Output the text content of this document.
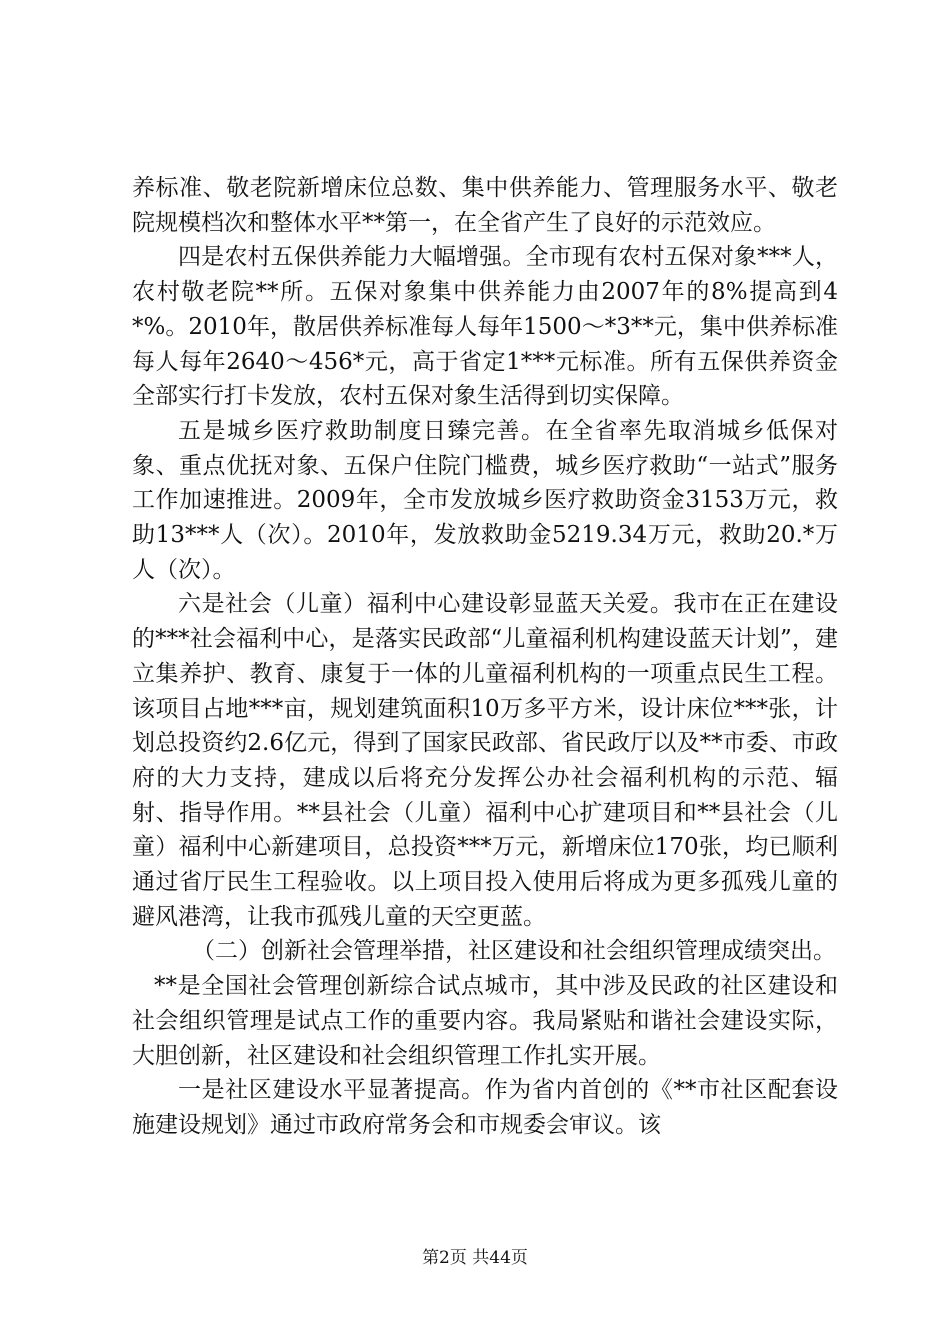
养标准、敬老院新增床位总数、集中供养能力、管理服务水平、敬老院规模档次和整体水平**第一，在全省产生了良好的示范效应。

四是农村五保供养能力大幅增强。全市现有农村五保对象***人，农村敬老院**所。五保对象集中供养能力由2007年的8%提高到4*%。2010年，散居供养标准每人每年1500～*3**元，集中供养标准每人每年2640～456*元，高于省定1***元标准。所有五保供养资金全部实行打卡发放，农村五保对象生活得到切实保障。

五是城乡医疗救助制度日臻完善。在全省率先取消城乡低保对象、重点优抚对象、五保户住院门槛费，城乡医疗救助“一站式”服务工作加速推进。2009年，全市发放城乡医疗救助资金3153万元，救助13***人（次）。2010年，发放救助金5219.34万元，救助20.*万人（次）。

六是社会（儿童）福利中心建设彰显蓝天关爱。我市在正在建设的***社会福利中心，是落实民政部“儿童福利机构建设蓝天计划”，建立集养护、教育、康复于一体的儿童福利机构的一项重点民生工程。该项目占地***亩，规划建筑面积10万多平方米，设计床位***张，计划总投资约2.6亿元，得到了国家民政部、省民政厅以及**市委、市政府的大力支持，建成以后将充分发挥公办社会福利机构的示范、辐射、指导作用。**县社会（儿童）福利中心扩建项目和**县社会（儿童）福利中心新建项目，总投资***万元，新增床位170张，均已顺利通过省厅民生工程验收。以上项目投入使用后将成为更多孤残儿童的避风港湾，让我市孤残儿童的天空更蓝。

（二）创新社会管理举措，社区建设和社会组织管理成绩突出。

**是全国社会管理创新综合试点城市，其中涉及民政的社区建设和社会组织管理是试点工作的重要内容。我局紧贴和谐社会建设实际，大胆创新，社区建设和社会组织管理工作扎实开展。

一是社区建设水平显著提高。作为省内首创的《**市社区配套设施建设规划》通过市政府常务会和市规委会审议。该

第2页 共44页
